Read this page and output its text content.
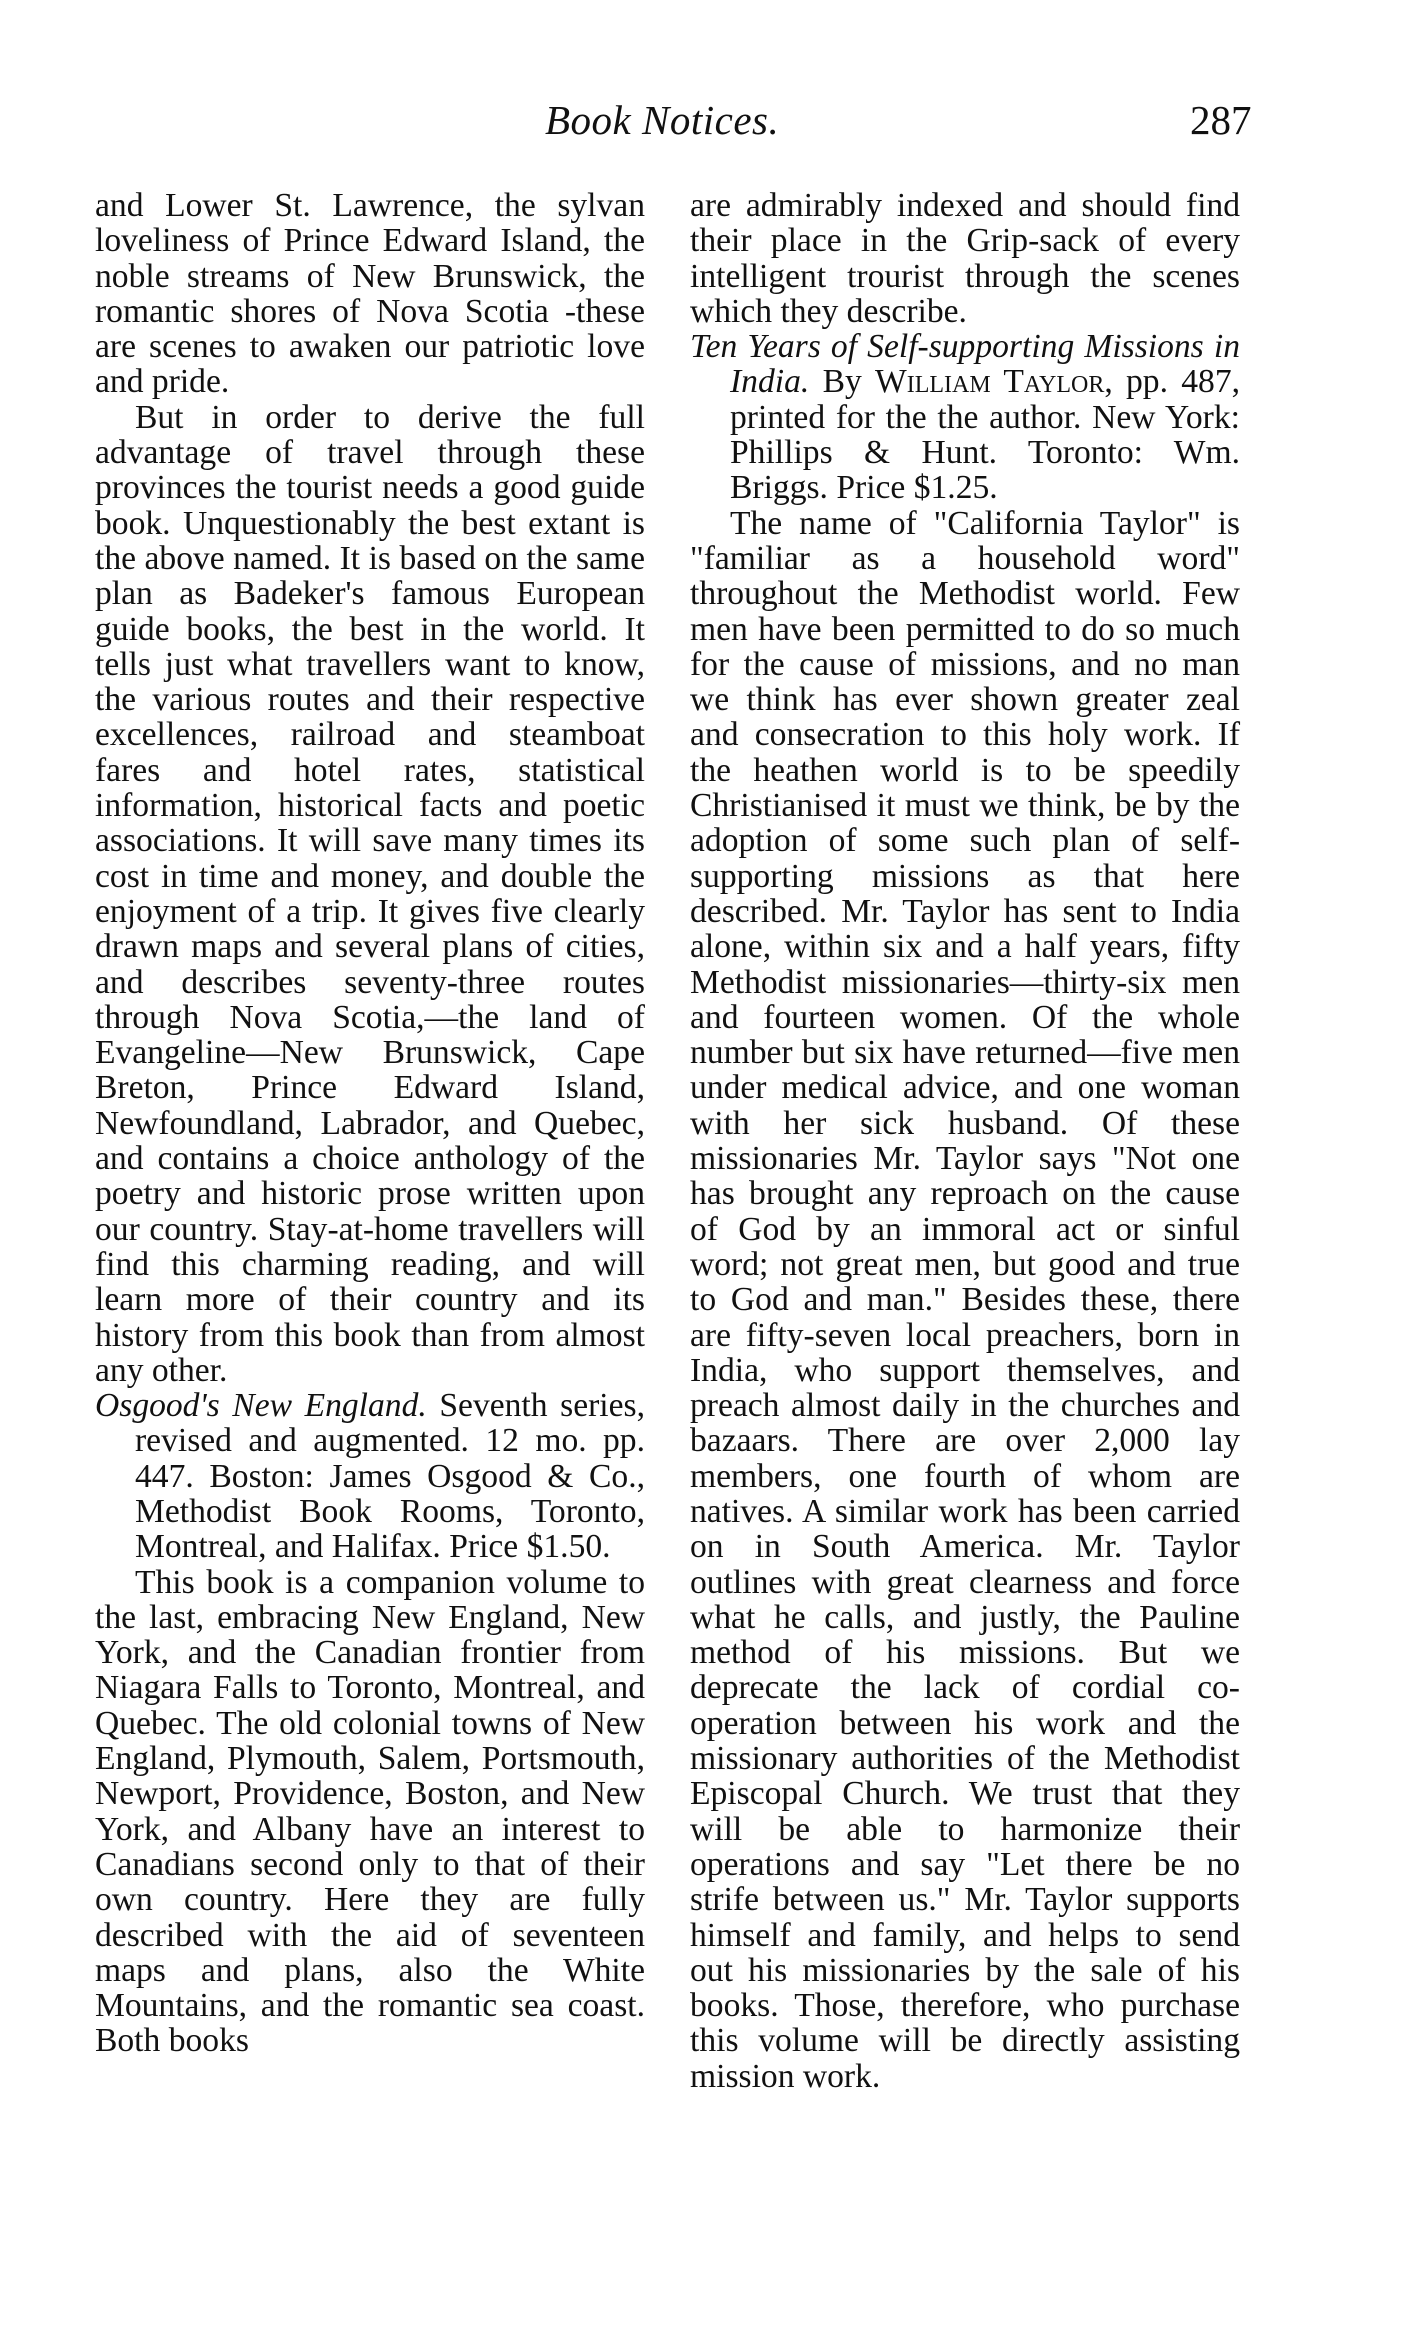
Book Notices.	287

and Lower St. Lawrence, the sylvan loveliness of Prince Edward Island, the noble streams of New Brunswick, the romantic shores of Nova Scotia -these are scenes to awaken our patriotic love and pride.

But in order to derive the full advantage of travel through these provinces the tourist needs a good guide book. Unquestionably the best extant is the above named. It is based on the same plan as Badeker's famous European guide books, the best in the world. It tells just what travellers want to know, the various routes and their respective excellences, railroad and steamboat fares and hotel rates, statistical information, historical facts and poetic associations. It will save many times its cost in time and money, and double the enjoyment of a trip. It gives five clearly drawn maps and several plans of cities, and describes seventy-three routes through Nova Scotia,—the land of Evangeline—New Brunswick, Cape Breton, Prince Edward Island, Newfoundland, Labrador, and Quebec, and contains a choice anthology of the poetry and historic prose written upon our country. Stay-at-home travellers will find this charming reading, and will learn more of their country and its history from this book than from almost any other.

Osgood's New England. Seventh series, revised and augmented. 12 mo. pp. 447. Boston: James Osgood & Co., Methodist Book Rooms, Toronto, Montreal, and Halifax. Price $1.50.

This book is a companion volume to the last, embracing New England, New York, and the Canadian frontier from Niagara Falls to Toronto, Montreal, and Quebec. The old colonial towns of New England, Plymouth, Salem, Portsmouth, Newport, Providence, Boston, and New York, and Albany have an interest to Canadians second only to that of their own country. Here they are fully described with the aid of seventeen maps and plans, also the White Mountains, and the romantic sea coast. Both books

are admirably indexed and should find their place in the Grip-sack of every intelligent trourist through the scenes which they describe.

Ten Years of Self-supporting Missions in India. By William Taylor, pp. 487, printed for the the author. New York: Phillips & Hunt. Toronto: Wm. Briggs. Price $1.25.

The name of "California Taylor" is "familiar as a household word" throughout the Methodist world. Few men have been permitted to do so much for the cause of missions, and no man we think has ever shown greater zeal and consecration to this holy work. If the heathen world is to be speedily Christianised it must we think, be by the adoption of some such plan of self-supporting missions as that here described. Mr. Taylor has sent to India alone, within six and a half years, fifty Methodist missionaries—thirty-six men and fourteen women. Of the whole number but six have returned—five men under medical advice, and one woman with her sick husband. Of these missionaries Mr. Taylor says "Not one has brought any reproach on the cause of God by an immoral act or sinful word; not great men, but good and true to God and man." Besides these, there are fifty-seven local preachers, born in India, who support themselves, and preach almost daily in the churches and bazaars. There are over 2,000 lay members, one fourth of whom are natives. A similar work has been carried on in South America. Mr. Taylor outlines with great clearness and force what he calls, and justly, the Pauline method of his missions. But we deprecate the lack of cordial co-operation between his work and the missionary authorities of the Methodist Episcopal Church. We trust that they will be able to harmonize their operations and say "Let there be no strife between us." Mr. Taylor supports himself and family, and helps to send out his missionaries by the sale of his books. Those, therefore, who purchase this volume will be directly assisting mission work.
